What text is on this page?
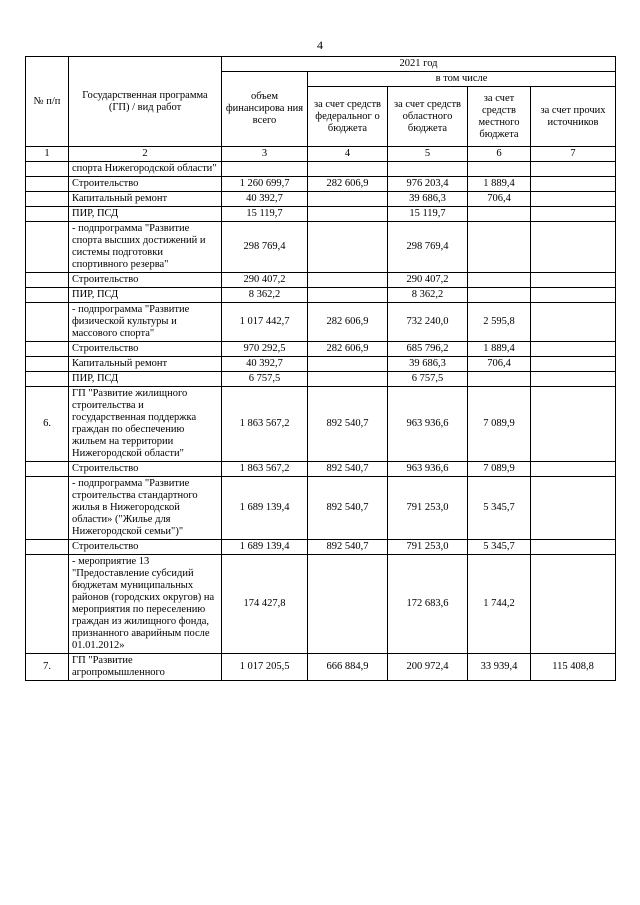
4
№ п/п	Государственная программа (ГП) / вид работ	2021 год				
		объем финансирова ния всего	в том числе			
			за счет средств федеральног о бюджета	за счет средств областного бюджета	за счет средств местного бюджета	за счет прочих источников
1	2	3	4	5	6	7
	спорта Нижегородской области"					
	Строительство	1 260 699,7	282 606,9	976 203,4	1 889,4	
	Капитальный ремонт	40 392,7		39 686,3	706,4	
	ПИР, ПСД	15 119,7		15 119,7		
	- подпрограмма "Развитие спорта высших достижений и системы подготовки спортивного резерва"	298 769,4		298 769,4		
	Строительство	290 407,2		290 407,2		
	ПИР, ПСД	8 362,2		8 362,2		
	- подпрограмма "Развитие физической культуры и массового спорта"	1 017 442,7	282 606,9	732 240,0	2 595,8	
	Строительство	970 292,5	282 606,9	685 796,2	1 889,4	
	Капитальный ремонт	40 392,7		39 686,3	706,4	
	ПИР, ПСД	6 757,5		6 757,5		
6.	ГП "Развитие жилищного строительства и государственная поддержка граждан по обеспечению жильем на территории Нижегородской области"	1 863 567,2	892 540,7	963 936,6	7 089,9	
	Строительство	1 863 567,2	892 540,7	963 936,6	7 089,9	
	- подпрограмма "Развитие строительства стандартного жилья в Нижегородской области» ("Жилье для Нижегородской семьи")"	1 689 139,4	892 540,7	791 253,0	5 345,7	
	Строительство	1 689 139,4	892 540,7	791 253,0	5 345,7	
	- мероприятие 13 "Предоставление субсидий бюджетам муниципальных районов (городских округов) на мероприятия по переселению граждан из жилищного фонда, признанного аварийным после 01.01.2012»	174 427,8		172 683,6	1 744,2	
7.	ГП "Развитие агропромышленного	1 017 205,5	666 884,9	200 972,4	33 939,4	115 408,8
